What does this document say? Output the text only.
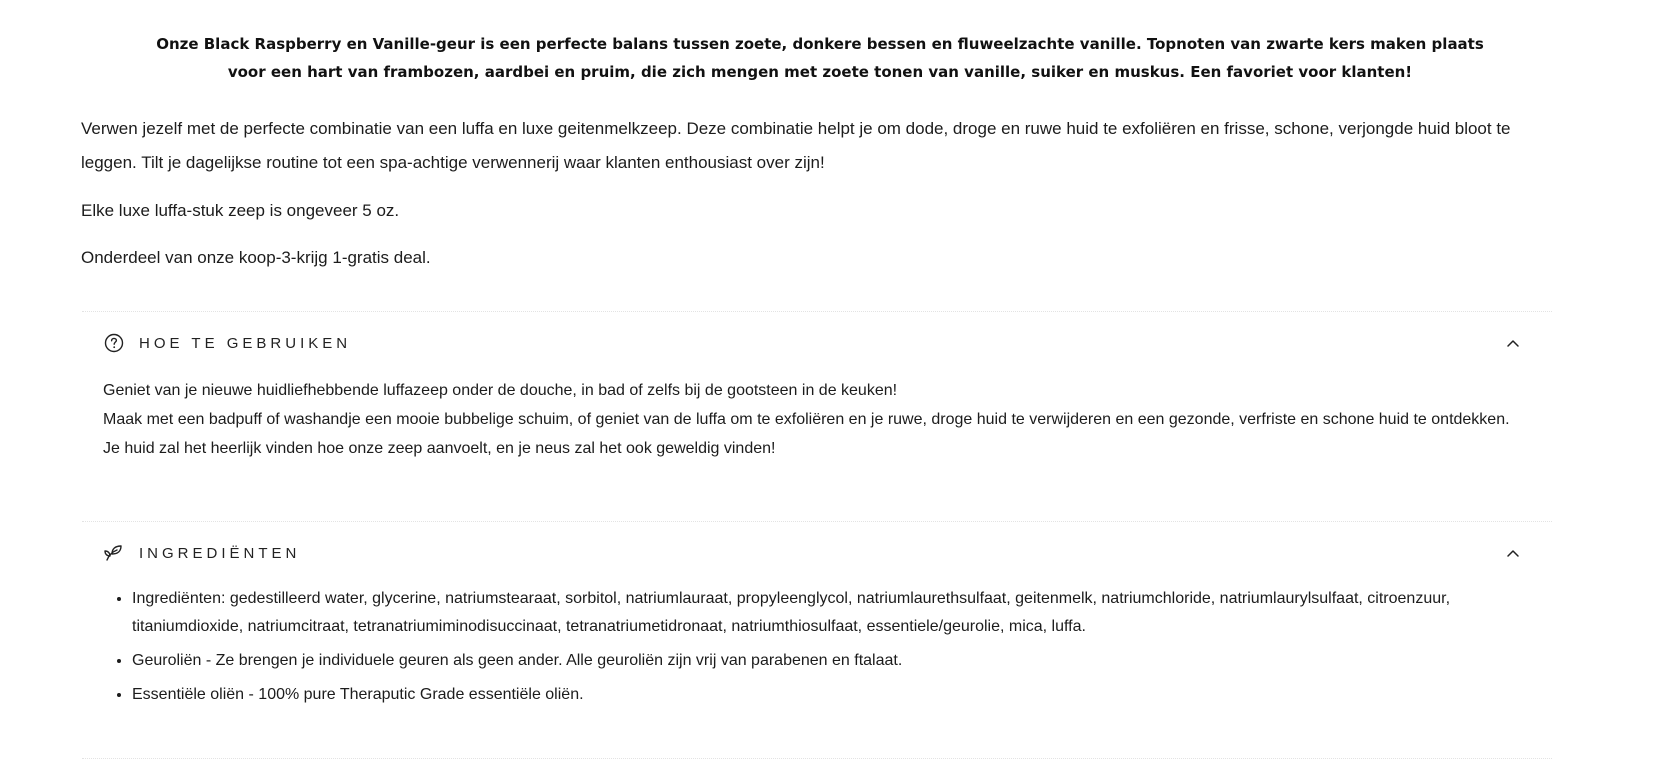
Onze Black Raspberry en Vanille-geur is een perfecte balans tussen zoete, donkere bessen en fluweelzachte vanille. Topnoten van zwarte kers maken plaats
voor een hart van frambozen, aardbei en pruim, die zich mengen met zoete tonen van vanille, suiker en muskus. Een favoriet voor klanten!

Verwen jezelf met de perfecte combinatie van een luffa en luxe geitenmelkzeep. Deze combinatie helpt je om dode, droge en ruwe huid te exfoliëren en frisse, schone, verjongde huid bloot te leggen. Tilt je dagelijkse routine tot een spa-achtige verwennerij waar klanten enthousiast over zijn!

Elke luxe luffa-stuk zeep is ongeveer 5 oz.

Onderdeel van onze koop-3-krijg 1-gratis deal.

HOE TE GEBRUIKEN
Geniet van je nieuwe huidliefhebbende luffazeep onder de douche, in bad of zelfs bij de gootsteen in de keuken!
Maak met een badpuff of washandje een mooie bubbelige schuim, of geniet van de luffa om te exfoliëren en je ruwe, droge huid te verwijderen en een gezonde, verfriste en schone huid te ontdekken.
Je huid zal het heerlijk vinden hoe onze zeep aanvoelt, en je neus zal het ook geweldig vinden!
INGREDIËNTEN
• Ingrediënten: gedestilleerd water, glycerine, natriumstearaat, sorbitol, natriumlauraat, propyleenglycol, natriumlaurethsulfaat, geitenmelk, natriumchloride, natriumlaurylsulfaat, citroenzuur, titaniumdioxide, natriumcitraat, tetranatriumiminodisuccinaat, tetranatriumetidronaat, natriumthiosulfaat, essentiele/geurolie, mica, luffa.
• Geuroliën - Ze brengen je individuele geuren als geen ander. Alle geuroliën zijn vrij van parabenen en ftalaat.
• Essentiële oliën - 100% pure Theraputic Grade essentiële oliën.
